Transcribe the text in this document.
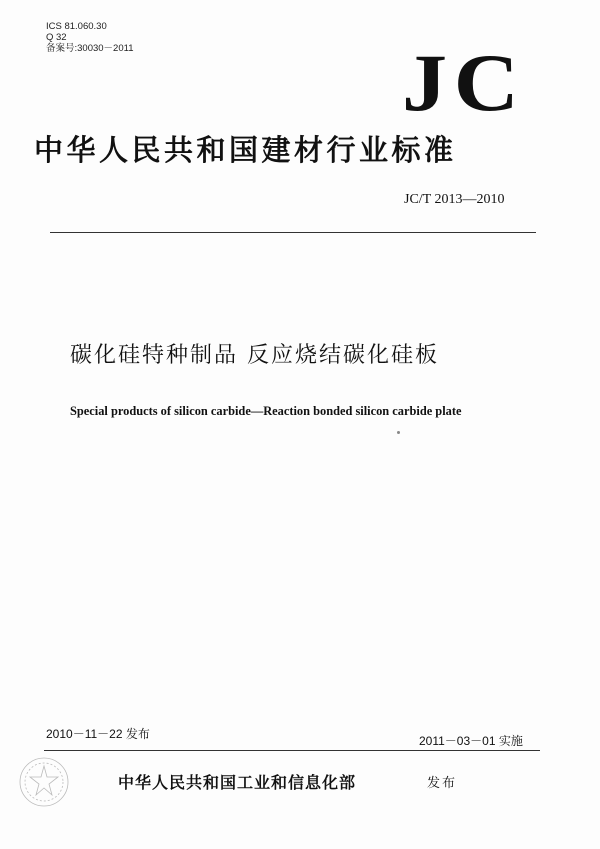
ICS 81.060.30
Q 32
备案号:30030－2011	JC
中华人民共和国建材行业标准
JC/T 2013—2010
碳化硅特种制品 反应烧结碳化硅板
Special products of silicon carbide—Reaction bonded silicon carbide plate
2010－11－22 发布	2011－03－01 实施
中华人民共和国工业和信息化部	发布
